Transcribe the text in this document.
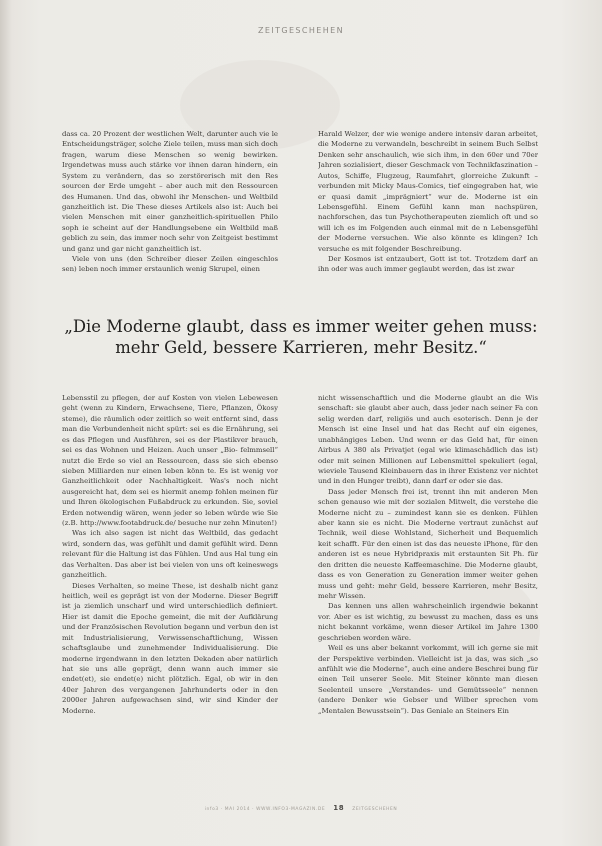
ZEITGESCHEHEN

dass ca. 20 Prozent der westlichen Welt, darunter auch vie le Entscheidungsträger, solche Ziele teilen, muss man sich doch fragen, warum diese Menschen so wenig bewirken. Irgendetwas muss auch stärke vor ihnen daran hindern, ein System zu verändern, das so zerstörerisch mit den Res sourcen der Erde umgeht – aber auch mit den Ressourcen des Humanen. Und das, obwohl ihr Menschen- und Weltbild ganzheitlich ist. Die These dieses Artikels also ist: Auch bei vielen Menschen mit einer ganzheitlich-spirituellen Philo soph ie scheint auf der Handlungsebene ein Weltbild maß geblich zu sein, das immer noch sehr von Zeitgeist bestimmt und ganz und gar nicht ganzheitlich ist.

Viele von uns (den Schreiber dieser Zeilen eingeschlos sen) leben noch immer erstaunlich wenig Skrupel, einen

Harald Welzer, der wie wenige andere intensiv daran arbeitet, die Moderne zu verwandeln, beschreibt in seinem Buch Selbst Denken sehr anschaulich, wie sich ihm, in den 60er und 70er Jahren sozialisiert, dieser Geschmack von Technikfaszination – Autos, Schiffe, Flugzeug, Raumfahrt, glorreiche Zukunft – verbunden mit Micky Maus-Comics, tief eingegraben hat, wie er quasi damit „imprägniert“ wur de. Moderne ist ein Lebensgefühl. Einem Gefühl kann man nachspüren, nachforschen, das tun Psychotherapeuten ziemlich oft und so will ich es im Folgenden auch einmal mit de n Lebensgefühl der Moderne versuchen. Wie also könnte es klingen? Ich versuche es mit folgender Beschreibung.

Der Kosmos ist entzaubert, Gott ist tot. Trotzdem darf an ihn oder was auch immer geglaubt werden, das ist zwar

„Die Moderne glaubt, dass es immer weiter gehen muss:
mehr Geld, bessere Karrieren, mehr Besitz.“

Lebensstil zu pflegen, der auf Kosten von vielen Lebewesen geht (wenn zu Kindern, Erwachsene, Tiere, Pflanzen, Ökosy steme), die räumlich oder zeitlich so weit entfernt sind, dass man die Verbundenheit nicht spürt: sei es die Ernährung, sei es das Pflegen und Ausführen, sei es der Plastikver brauch, sei es das Wohnen und Heizen. Auch unser „Bio- felmmsell“ nutzt die Erde so viel an Ressourcen, dass sie sich ebenso sieben Milliarden nur einen leben könn te. Es ist wenig vor Ganzheitlichkeit oder Nachhaltigkeit. Was's noch nicht ausgereicht hat, dem sei es hiermit anemp fohlen meinen für und Ihren ökologischen Fußabdruck zu erkunden. Sie, soviel Erden notwendig wären, wenn jeder so leben würde wie Sie (z.B. http://www.footabdruck.de/ besuche nur zehn Minuten!)

Was ich also sagen ist nicht das Weltbild, das gedacht wird, sondern das, was gefühlt und damit gefühlt wird. Denn relevant für die Haltung ist das Fühlen. Und aus Hal tung ein das Verhalten. Das aber ist bei vielen von uns oft keineswegs ganzheitlich.

Dieses Verhalten, so meine These, ist deshalb nicht ganz heitlich, weil es geprägt ist von der Moderne. Dieser Begriff ist ja ziemlich unscharf und wird unterschiedlich definiert. Hier ist damit die Epoche gemeint, die mit der Aufklärung und der Französischen Revolution begann und verbun den ist mit Industrialisierung, Verwissenschaftlichung, Wissen schaftsglaube und zunehmender Individualisierung. Die moderne irgendwann in den letzten Dekaden aber natürlich hat sie uns alle geprägt, denn wann auch immer sie endet(et), sie endet(e) nicht plötzlich. Egal, ob wir in den 40er Jahren des vergangenen Jahrhunderts oder in den 2000er Jahren aufgewachsen sind, wir sind Kinder der Moderne.

nicht wissenschaftlich und die Moderne glaubt an die Wis senschaft: sie glaubt aber auch, dass jeder nach seiner Fa con selig werden darf, religiös und auch esoterisch. Denn je der Mensch ist eine Insel und hat das Recht auf ein eigenes, unabhängiges Leben. Und wenn er das Geld hat, für einen Airbus A 380 als Privatjet (egal wie klimaschädlich das ist) oder mit seinen Millionen auf Lebensmittel spekuliert (egal, wieviele Tausend Kleinbauern das in ihrer Existenz ver nichtet und in den Hunger treibt), dann darf er oder sie das.

Dass jeder Mensch frei ist, trennt ihn mit anderen Men schen genauso wie mit der sozialen Mitwelt, die verstehe die Moderne nicht zu – zumindest kann sie es denken. Fühlen aber kann sie es nicht. Die Moderne vertraut zunächst auf Technik, weil diese Wohlstand, Sicherheit und Bequemlich keit schafft. Für den einen ist das das neueste iPhone, für den anderen ist es neue Hybridpraxis mit erstaunten Sit Ph. für den dritten die neueste Kaffeemaschine. Die Moderne glaubt, dass es von Generation zu Generation immer weiter gehen muss und geht: mehr Geld, bessere Karrieren, mehr Besitz, mehr Wissen.

Das kennen uns allen wahrscheinlich irgendwie bekannt vor. Aber es ist wichtig, zu bewusst zu machen, dass es uns nicht bekannt vorkäme, wenn dieser Artikel im Jahre 1300 geschrieben worden wäre.

Weil es uns aber bekannt vorkommt, will ich gerne sie mit der Perspektive verbinden. Vielleicht ist ja das, was sich „so anfühlt wie die Moderne“, auch eine andere Beschrei bung für einen Teil unserer Seele. Mit Steiner könnte man diesen Seelenteil unsere „Verstandes- und Gemütsseele“ nennen (andere Denker wie Gebser und Wilber sprechen vom „Mentalen Bewusstsein“). Das Geniale an Steiners Ein

info3 · MAI 2014 · WWW.INFO3-MAGAZIN.DE 18 ZEITGESCHEHEN
